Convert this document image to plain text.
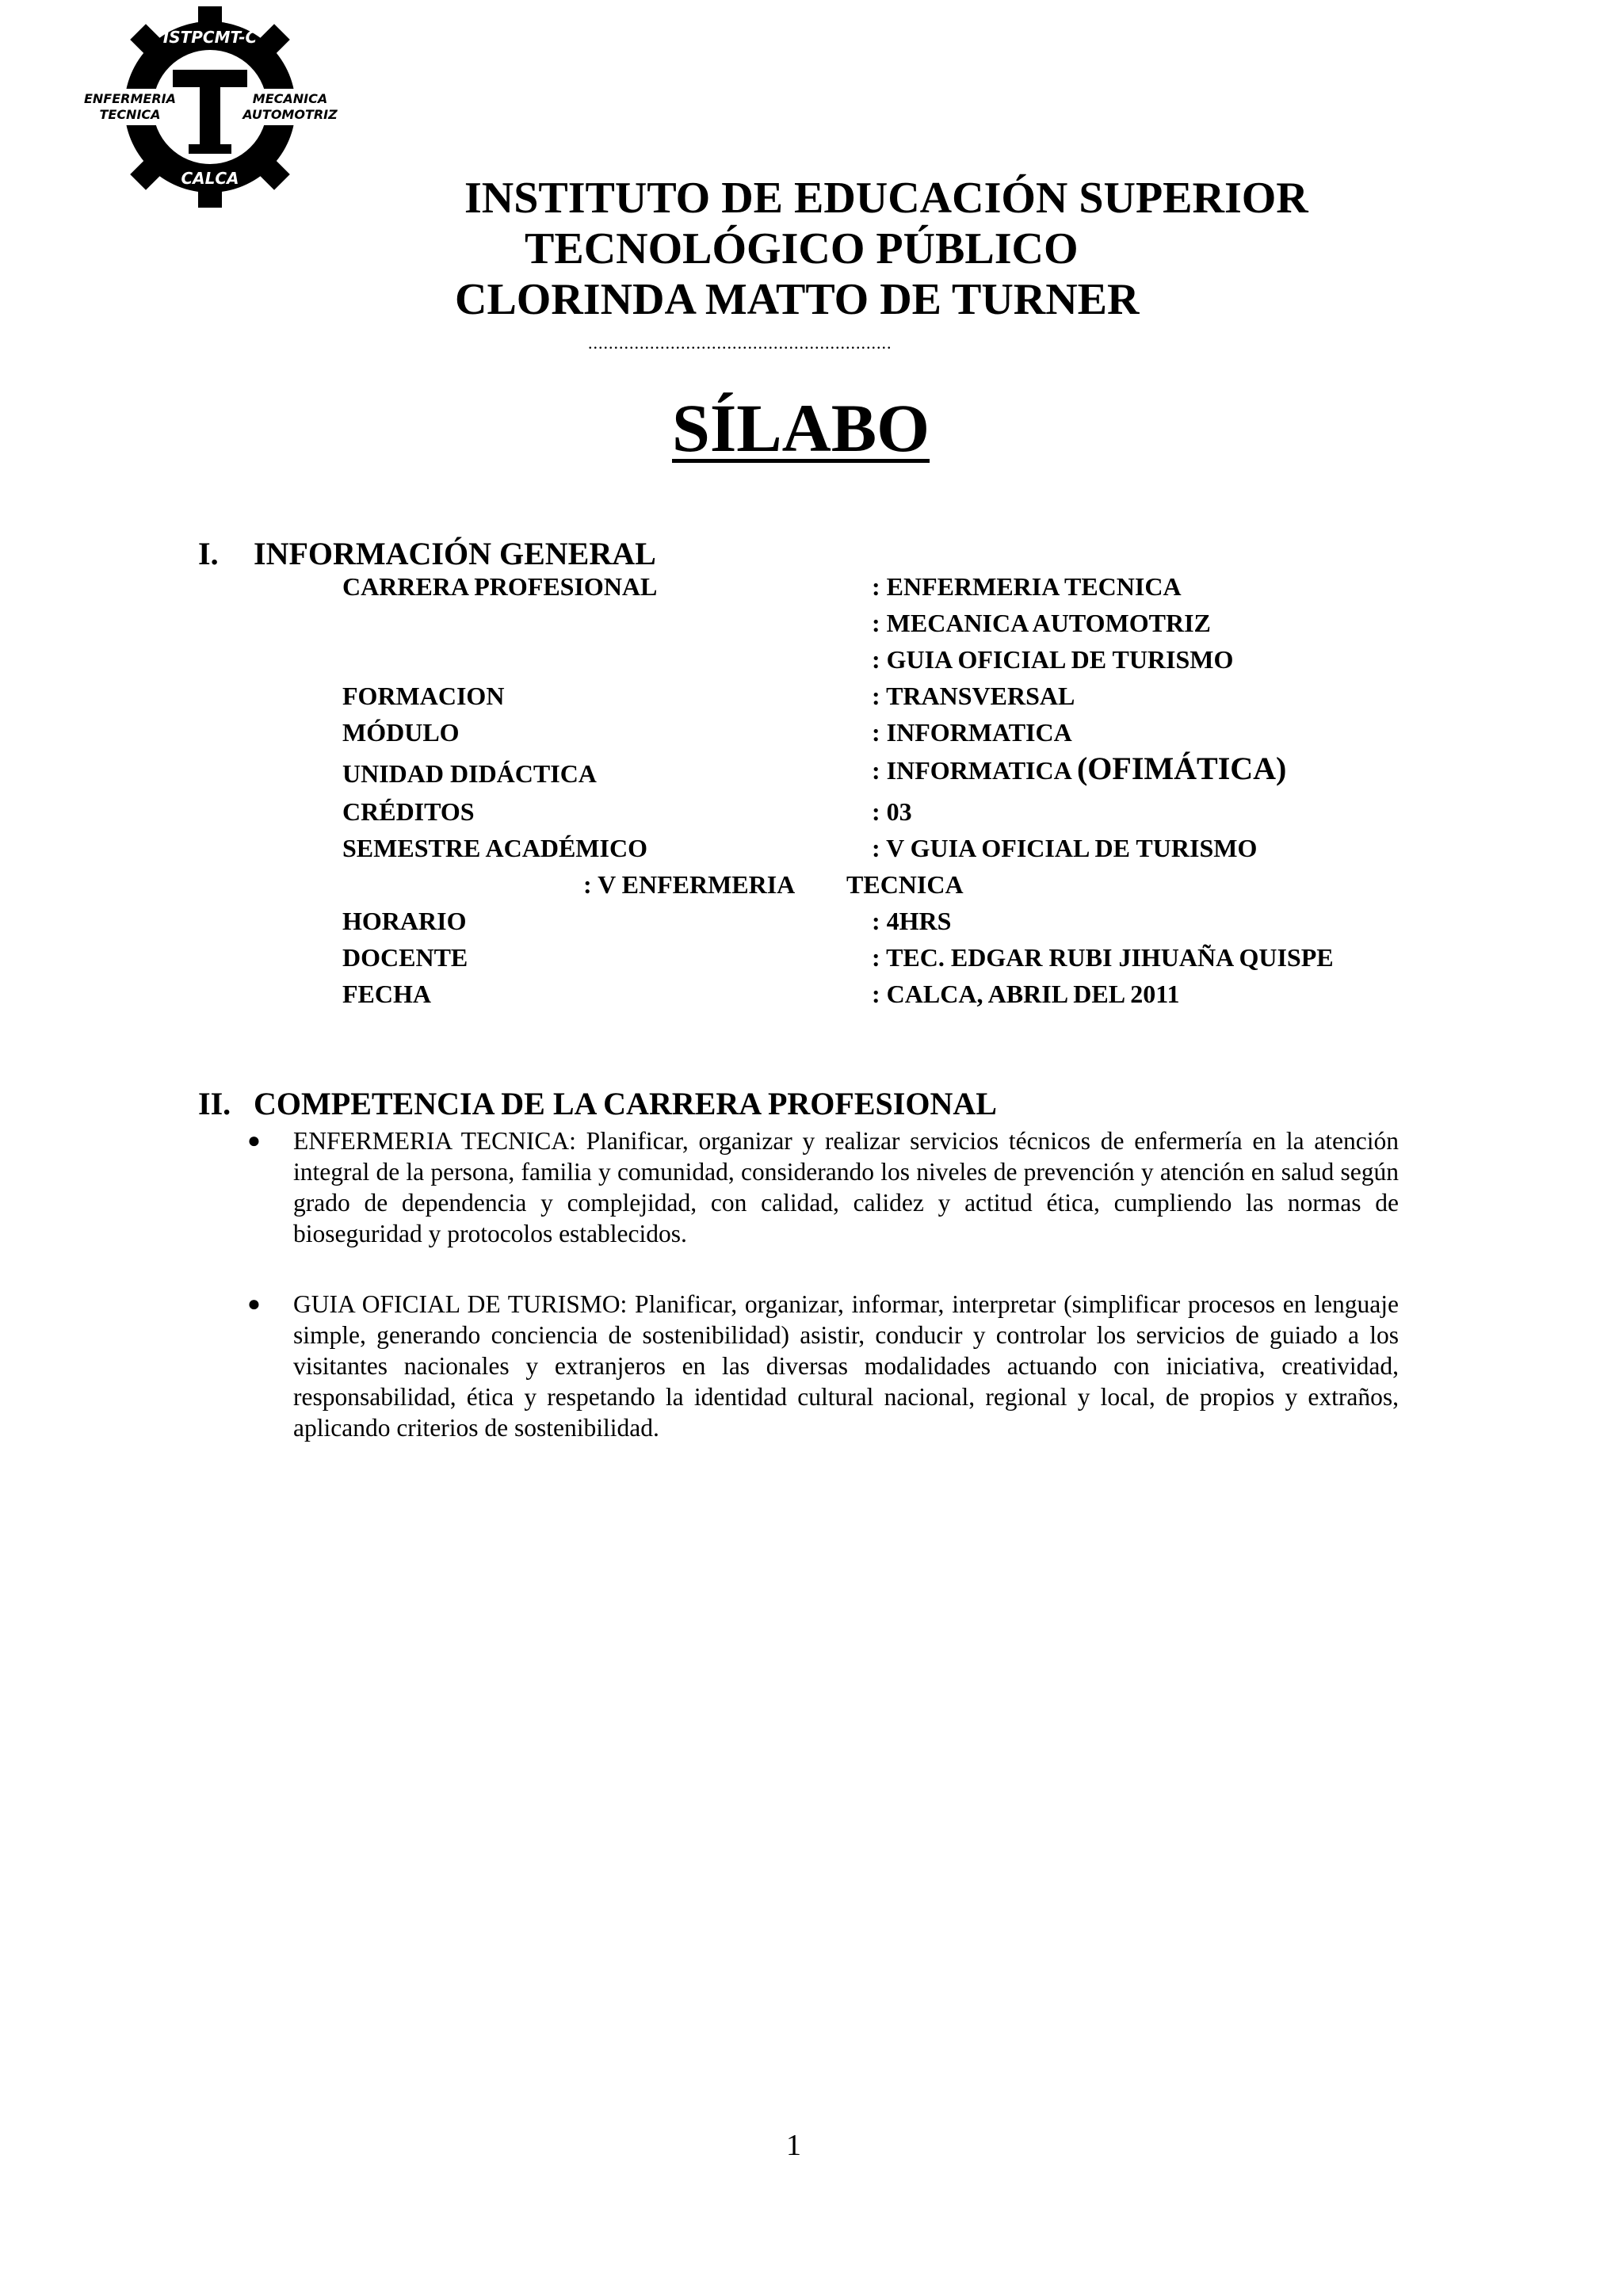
ISTPCMT-C
CALCA
ENFERMERIA
TECNICA
MECANICA
AUTOMOTRIZ
INSTITUTO DE EDUCACIÓN SUPERIOR
TECNOLÓGICO PÚBLICO
CLORINDA MATTO DE TURNER
...........................................................
SÍLABO
I. INFORMACIÓN GENERAL
CARRERA PROFESIONAL	: ENFERMERIA TECNICA
: MECANICA AUTOMOTRIZ
: GUIA OFICIAL DE TURISMO
FORMACION	: TRANSVERSAL
MÓDULO	: INFORMATICA
UNIDAD DIDÁCTICA	: INFORMATICA (OFIMÁTICA)
CRÉDITOS	: 03
SEMESTRE ACADÉMICO	: V GUIA OFICIAL DE TURISMO
: V ENFERMERIA TECNICA
HORARIO	: 4HRS
DOCENTE	: TEC. EDGAR RUBI JIHUAÑA QUISPE
FECHA	: CALCA, ABRIL DEL 2011
II. COMPETENCIA DE LA CARRERA PROFESIONAL
● ENFERMERIA TECNICA: Planificar, organizar y realizar servicios técnicos de enfermería en la atención integral de la persona, familia y comunidad, considerando los niveles de prevención y atención en salud según grado de dependencia y complejidad, con calidad, calidez y actitud ética, cumpliendo las normas de bioseguridad y protocolos establecidos.
● GUIA OFICIAL DE TURISMO: Planificar, organizar, informar, interpretar (simplificar procesos en lenguaje simple, generando conciencia de sostenibilidad) asistir, conducir y controlar los servicios de guiado a los visitantes nacionales y extranjeros en las diversas modalidades actuando con iniciativa, creatividad, responsabilidad, ética y respetando la identidad cultural nacional, regional y local, de propios y extraños, aplicando criterios de sostenibilidad.
1
